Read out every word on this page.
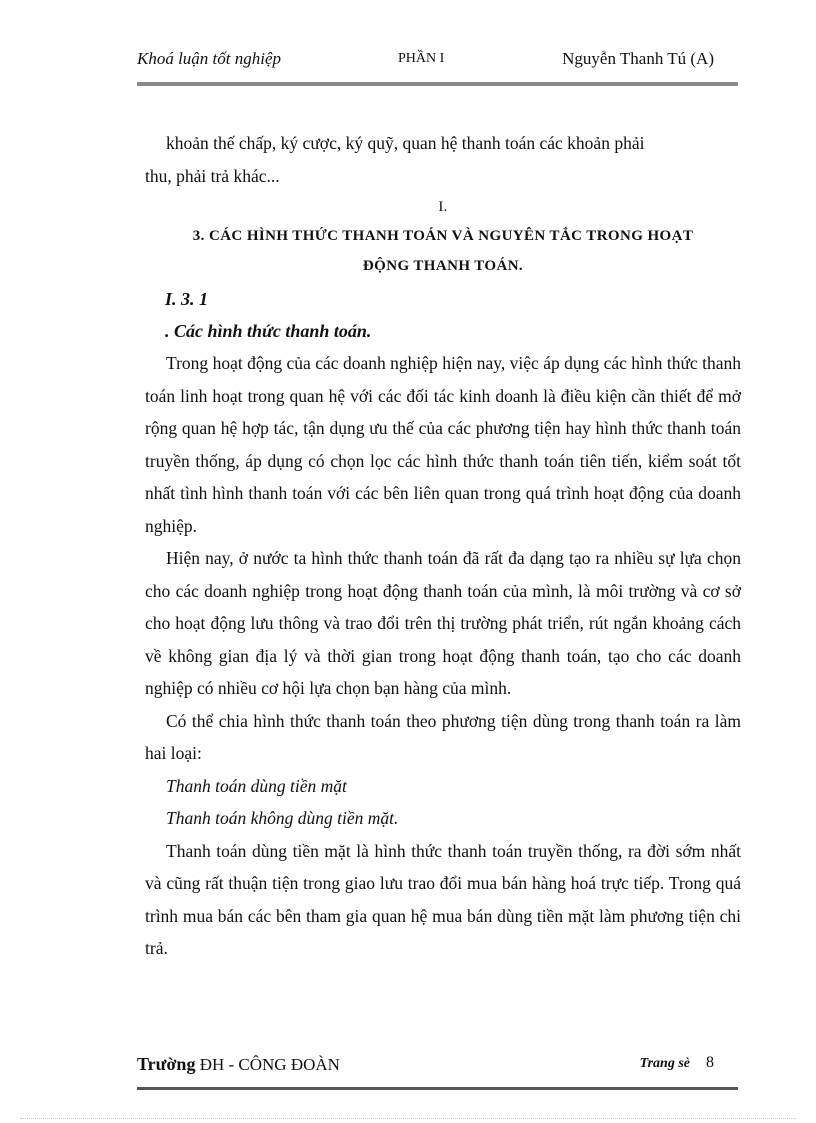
Khoá luận tốt nghiệp	PHẦN I	Nguyễn Thanh Tú (A)

khoản thế chấp, ký cược, ký quỹ, quan hệ thanh toán các khoản phải
thu, phải trả khác...

I.
3. CÁC HÌNH THỨC THANH TOÁN VÀ NGUYÊN TẮC TRONG HOẠT
ĐỘNG THANH TOÁN.
I. 3. 1
. Các hình thức thanh toán.

Trong hoạt động của các doanh nghiệp hiện nay, việc áp dụng các hình thức thanh toán linh hoạt trong quan hệ với các đối tác kinh doanh là điều kiện cần thiết để mở rộng quan hệ hợp tác, tận dụng ưu thế của các phương tiện hay hình thức thanh toán truyền thống, áp dụng có chọn lọc các hình thức thanh toán tiên tiến, kiểm soát tốt nhất tình hình thanh toán với các bên liên quan trong quá trình hoạt động của doanh nghiệp.

Hiện nay, ở nước ta hình thức thanh toán đã rất đa dạng tạo ra nhiều sự lựa chọn cho các doanh nghiệp trong hoạt động thanh toán của mình, là môi trường và cơ sở cho hoạt động lưu thông và trao đổi trên thị trường phát triển, rút ngắn khoảng cách về không gian địa lý và thời gian trong hoạt động thanh toán, tạo cho các doanh nghiệp có nhiều cơ hội lựa chọn bạn hàng của mình.

Có thể chia hình thức thanh toán theo phương tiện dùng trong thanh toán ra làm hai loại:

Thanh toán dùng tiền mặt
Thanh toán không dùng tiền mặt.

Thanh toán dùng tiền mặt là hình thức thanh toán truyền thống, ra đời sớm nhất và cũng rất thuận tiện trong giao lưu trao đổi mua bán hàng hoá trực tiếp. Trong quá trình mua bán các bên tham gia quan hệ mua bán dùng tiền mặt làm phương tiện chi trả.

Trường ĐH - CÔNG ĐOÀN	Trang sè 8
